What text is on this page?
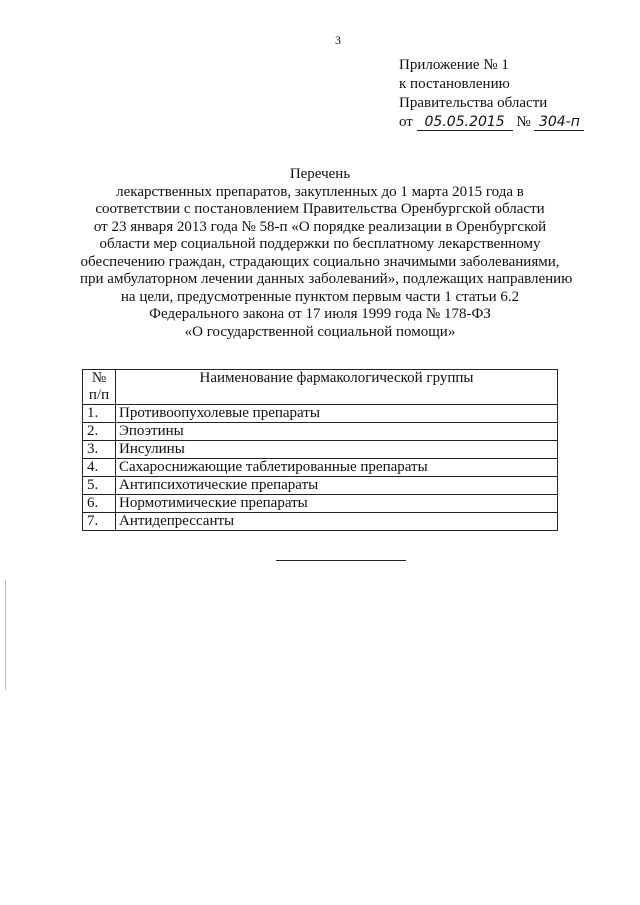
3
Приложение № 1
к постановлению
Правительства области
от 05.05.2015 № 304-п
Перечень
лекарственных препаратов, закупленных до 1 марта 2015 года в
соответствии с постановлением Правительства Оренбургской области
от 23 января 2013 года № 58-п «О порядке реализации в Оренбургской
области мер социальной поддержки по бесплатному лекарственному
обеспечению граждан, страдающих социально значимыми заболеваниями,
при амбулаторном лечении данных заболеваний», подлежащих направлению
на цели, предусмотренные пунктом первым части 1 статьи 6.2
Федерального закона от 17 июля 1999 года № 178-ФЗ
«О государственной социальной помощи»
№
п/п	Наименование фармакологической группы
1.	Противоопухолевые препараты
2.	Эпоэтины
3.	Инсулины
4.	Сахароснижающие таблетированные препараты
5.	Антипсихотические препараты
6.	Нормотимические препараты
7.	Антидепрессанты
